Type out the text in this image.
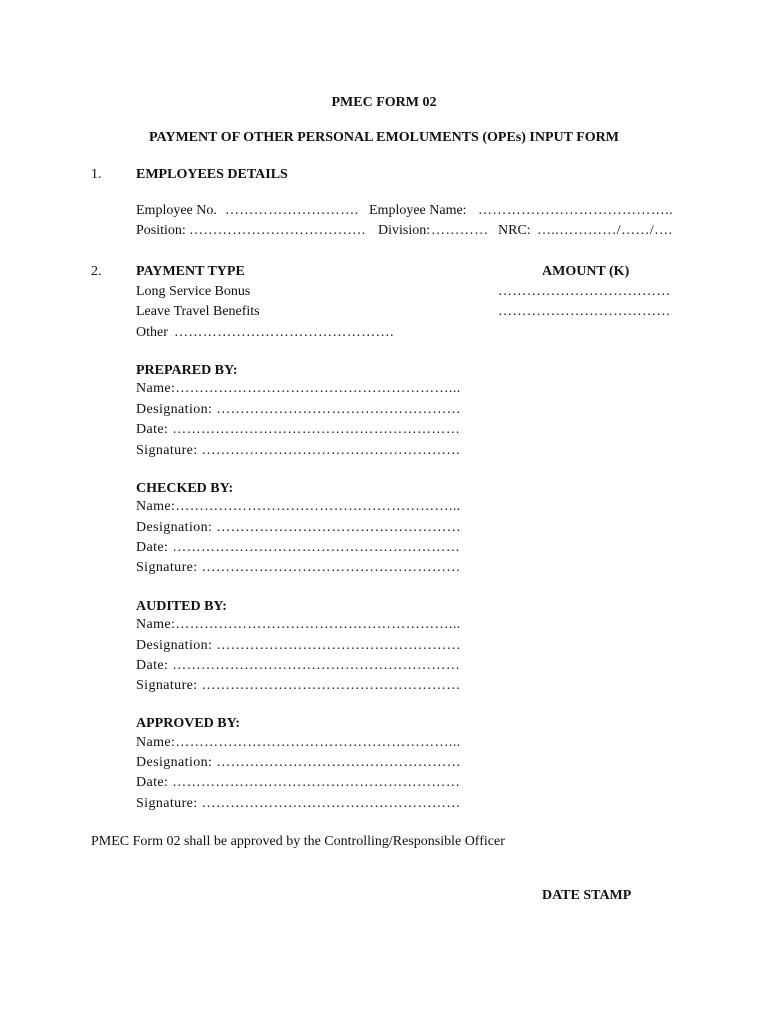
PMEC FORM 02
PAYMENT OF OTHER PERSONAL EMOLUMENTS (OPEs) INPUT FORM
1. EMPLOYEES DETAILS
Employee No. ………………………. Employee Name: …………………………………..
Position: ………………………………. Division: ………… NRC: …..…………/……/….
2. PAYMENT TYPE	AMOUNT (K)
Long Service Bonus	………………………………
Leave Travel Benefits	………………………………
Other ……………………………………….
PREPARED BY:
Name:…………………………………………………...
Designation: ……………………………………………
Date: ……………………………………………………
Signature: ………………………………………………
CHECKED BY:
Name:…………………………………………………...
Designation: ……………………………………………
Date: ……………………………………………………
Signature: ………………………………………………
AUDITED BY:
Name:…………………………………………………...
Designation: ……………………………………………
Date: ……………………………………………………
Signature: ………………………………………………
APPROVED BY:
Name:…………………………………………………...
Designation: ……………………………………………
Date: ……………………………………………………
Signature: ………………………………………………
PMEC Form 02 shall be approved by the Controlling/Responsible Officer
DATE STAMP
